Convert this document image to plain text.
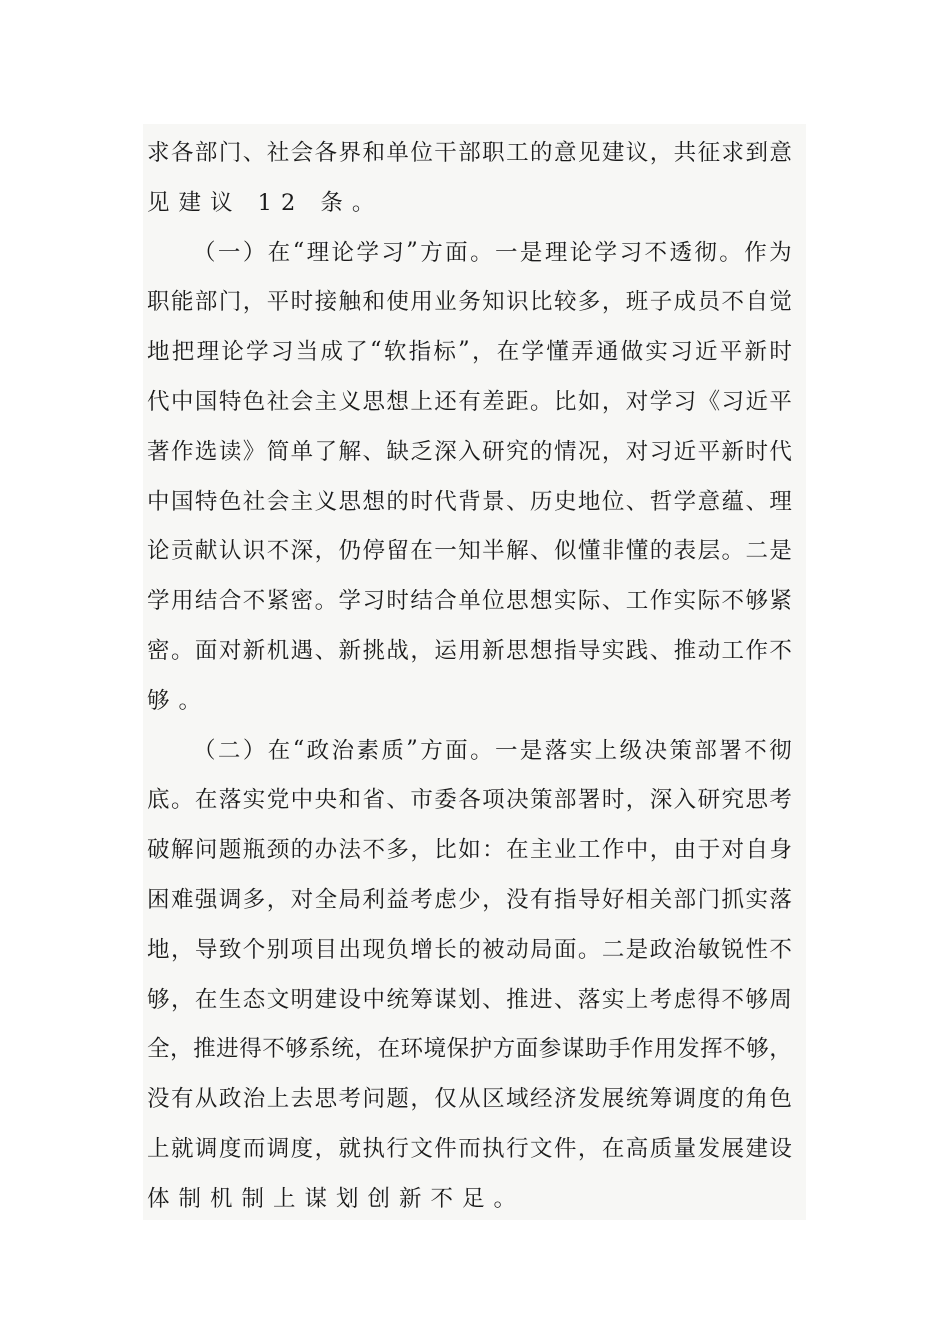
求 各 部 门 、 社 会 各 界 和 单 位 干 部 职 工 的 意 见 建 议 ， 共 征 求 到 意
见建议 12 条。
（ 一 ） 在 “ 理 论 学 习 ” 方 面 。 一 是 理 论 学 习 不 透 彻 。 作 为
职 能 部 门 ， 平 时 接 触 和 使 用 业 务 知 识 比 较 多 ， 班 子 成 员 不 自 觉
地 把 理 论 学 习 当 成 了 “ 软 指 标 ” ， 在 学 懂 弄 通 做 实 习 近 平 新 时
代 中 国 特 色 社 会 主 义 思 想 上 还 有 差 距 。 比 如 ， 对 学 习 《 习 近 平
著 作 选 读 》 简 单 了 解 、 缺 乏 深 入 研 究 的 情 况 ， 对 习 近 平 新 时 代
中 国 特 色 社 会 主 义 思 想 的 时 代 背 景 、 历 史 地 位 、 哲 学 意 蕴 、 理
论 贡 献 认 识 不 深 ， 仍 停 留 在 一 知 半 解 、 似 懂 非 懂 的 表 层 。 二 是
学 用 结 合 不 紧 密 。 学 习 时 结 合 单 位 思 想 实 际 、 工 作 实 际 不 够 紧
密 。 面 对 新 机 遇 、 新 挑 战 ， 运 用 新 思 想 指 导 实 践 、 推 动 工 作 不
够。
（ 二 ） 在 “ 政 治 素 质 ” 方 面 。 一 是 落 实 上 级 决 策 部 署 不 彻
底 。 在 落 实 党 中 央 和 省 、 市 委 各 项 决 策 部 署 时 ， 深 入 研 究 思 考
破 解 问 题 瓶 颈 的 办 法 不 多 ， 比 如 ： 在 主 业 工 作 中 ， 由 于 对 自 身
困 难 强 调 多 ， 对 全 局 利 益 考 虑 少 ， 没 有 指 导 好 相 关 部 门 抓 实 落
地 ， 导 致 个 别 项 目 出 现 负 增 长 的 被 动 局 面 。 二 是 政 治 敏 锐 性 不
够 ， 在 生 态 文 明 建 设 中 统 筹 谋 划 、 推 进 、 落 实 上 考 虑 得 不 够 周
全 ， 推 进 得 不 够 系 统 ， 在 环 境 保 护 方 面 参 谋 助 手 作 用 发 挥 不 够 ，
没 有 从 政 治 上 去 思 考 问 题 ， 仅 从 区 域 经 济 发 展 统 筹 调 度 的 角 色
上 就 调 度 而 调 度 ， 就 执 行 文 件 而 执 行 文 件 ， 在 高 质 量 发 展 建 设
体制机制上谋划创新不足。
